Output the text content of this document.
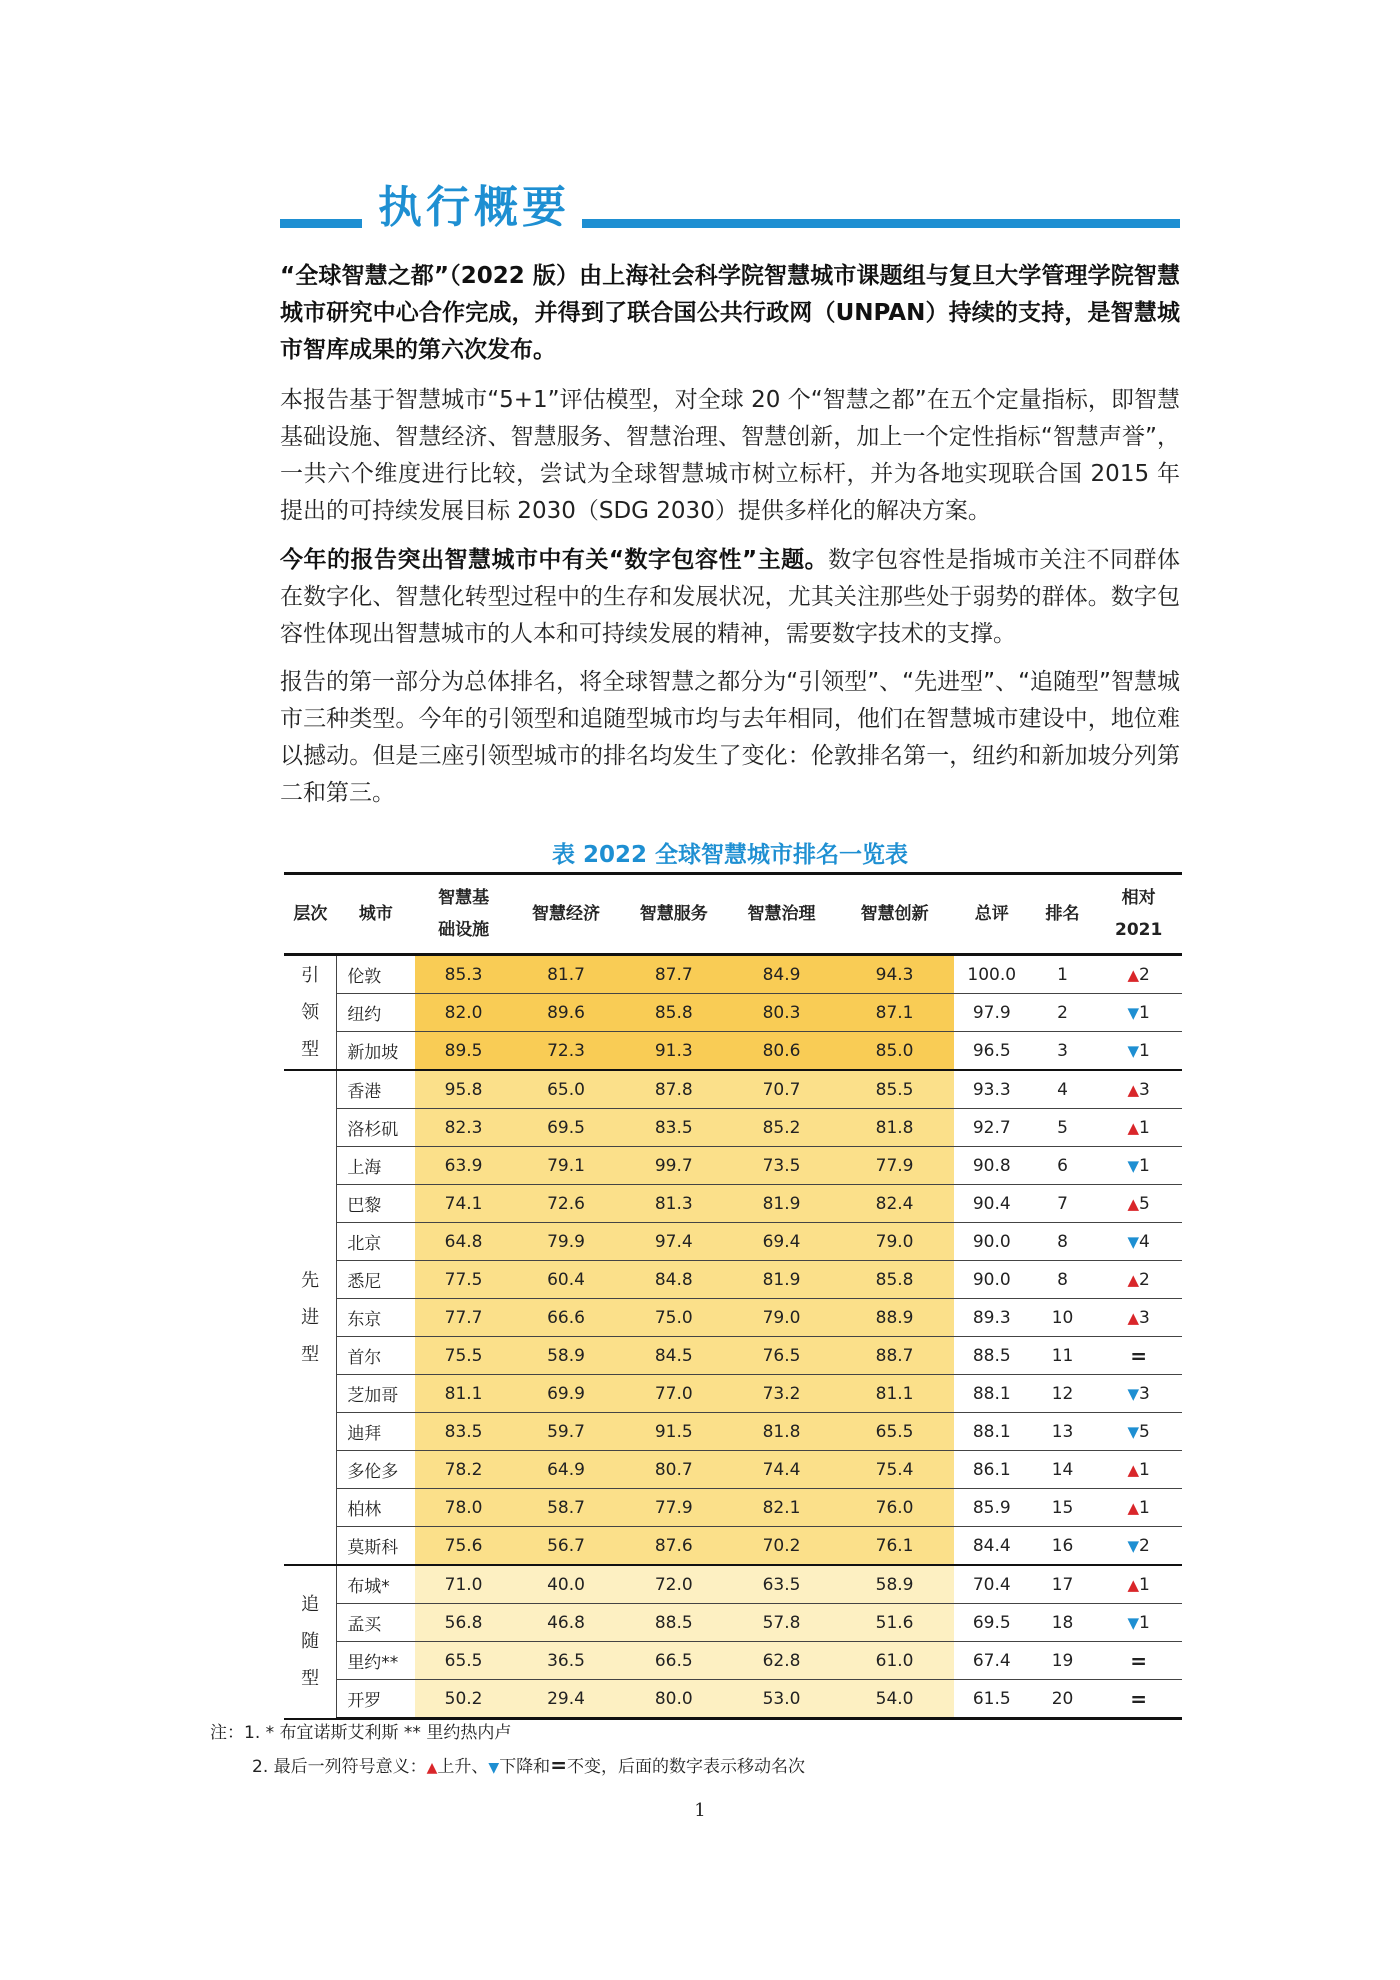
执行概要

“全球智慧之都”（2022 版）由上海社会科学院智慧城市课题组与复旦大学管理学院智慧城市研究中心合作完成，并得到了联合国公共行政网（UNPAN）持续的支持，是智慧城市智库成果的第六次发布。

本报告基于智慧城市“5+1”评估模型，对全球 20 个“智慧之都”在五个定量指标，即智慧基础设施、智慧经济、智慧服务、智慧治理、智慧创新，加上一个定性指标“智慧声誉”，一共六个维度进行比较，尝试为全球智慧城市树立标杆，并为各地实现联合国 2015 年提出的可持续发展目标 2030（SDG 2030）提供多样化的解决方案。

今年的报告突出智慧城市中有关“数字包容性”主题。数字包容性是指城市关注不同群体在数字化、智慧化转型过程中的生存和发展状况，尤其关注那些处于弱势的群体。数字包容性体现出智慧城市的人本和可持续发展的精神，需要数字技术的支撑。

报告的第一部分为总体排名，将全球智慧之都分为“引领型”、“先进型”、“追随型”智慧城市三种类型。今年的引领型和追随型城市均与去年相同，他们在智慧城市建设中，地位难以撼动。但是三座引领型城市的排名均发生了变化：伦敦排名第一，纽约和新加坡分列第二和第三。

表 2022 全球智慧城市排名一览表
层次	城市	智慧基
础设施	智慧经济	智慧服务	智慧治理	智慧创新	总评	排名	相对
2021

引
领
型	伦敦	85.3	81.7	87.7	84.9	94.3	100.0	1	▲2
	纽约	82.0	89.6	85.8	80.3	87.1	97.9	2	▼1
	新加坡	89.5	72.3	91.3	80.6	85.0	96.5	3	▼1

先
进
型	香港	95.8	65.0	87.8	70.7	85.5	93.3	4	▲3
	洛杉矶	82.3	69.5	83.5	85.2	81.8	92.7	5	▲1
	上海	63.9	79.1	99.7	73.5	77.9	90.8	6	▼1
	巴黎	74.1	72.6	81.3	81.9	82.4	90.4	7	▲5
	北京	64.8	79.9	97.4	69.4	79.0	90.0	8	▼4
	悉尼	77.5	60.4	84.8	81.9	85.8	90.0	8	▲2
	东京	77.7	66.6	75.0	79.0	88.9	89.3	10	▲3
	首尔	75.5	58.9	84.5	76.5	88.7	88.5	11	=
	芝加哥	81.1	69.9	77.0	73.2	81.1	88.1	12	▼3
	迪拜	83.5	59.7	91.5	81.8	65.5	88.1	13	▼5
	多伦多	78.2	64.9	80.7	74.4	75.4	86.1	14	▲1
	柏林	78.0	58.7	77.9	82.1	76.0	85.9	15	▲1
	莫斯科	75.6	56.7	87.6	70.2	76.1	84.4	16	▼2

追
随
型	布城*	71.0	40.0	72.0	63.5	58.9	70.4	17	▲1
	孟买	56.8	46.8	88.5	57.8	51.6	69.5	18	▼1
	里约**	65.5	36.5	66.5	62.8	61.0	67.4	19	=
	开罗	50.2	29.4	80.0	53.0	54.0	61.5	20	=
注：1. * 布宜诺斯艾利斯 ** 里约热内卢
2. 最后一列符号意义：▲上升、▼下降和=不变，后面的数字表示移动名次
1
